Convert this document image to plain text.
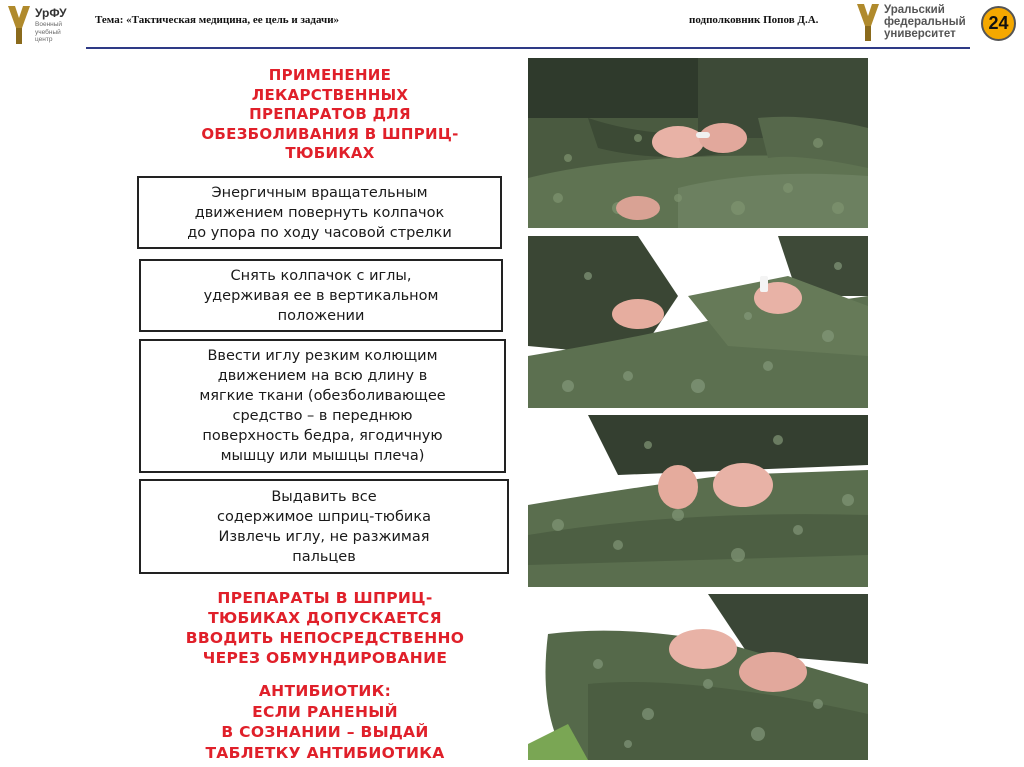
УрФУ
Военный учебный центр
Тема: «Тактическая медицина, ее цель и задачи»	подполковник Попов Д.А.
Уральский
федеральный
университет
24
ПРИМЕНЕНИЕ
ЛЕКАРСТВЕННЫХ
ПРЕПАРАТОВ ДЛЯ
ОБЕЗБОЛИВАНИЯ В ШПРИЦ-
ТЮБИКАХ
Энергичным вращательным
движением повернуть колпачок
до упора по ходу часовой стрелки
Снять колпачок с иглы,
удерживая ее в вертикальном
положении
Ввести иглу резким колющим
движением на всю длину в
мягкие ткани (обезболивающее
средство – в переднюю
поверхность бедра, ягодичную
мышцу или мышцы плеча)
Выдавить все
содержимое шприц-тюбика
Извлечь иглу, не разжимая
пальцев
ПРЕПАРАТЫ В ШПРИЦ-
ТЮБИКАХ ДОПУСКАЕТСЯ
ВВОДИТЬ НЕПОСРЕДСТВЕННО
ЧЕРЕЗ ОБМУНДИРОВАНИЕ
АНТИБИОТИК:
ЕСЛИ РАНЕНЫЙ
В СОЗНАНИИ – ВЫДАЙ
ТАБЛЕТКУ АНТИБИОТИКА
